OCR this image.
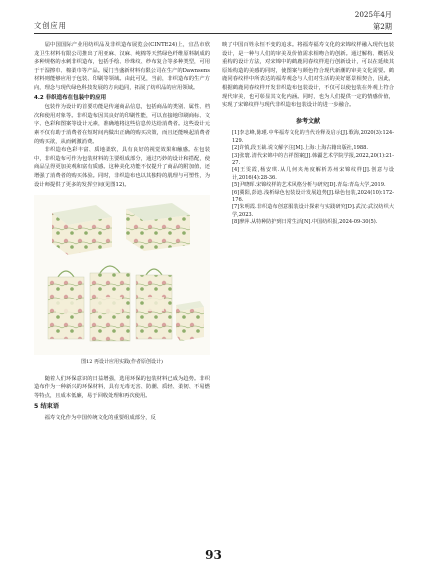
文创应用
2025年4月
第2期

届中国国际产业用纺织品及非织造布展览会(CINTE24)上，宜昌市欣龙卫生材料有限公司推出了用亚麻、汉麻、纯棉等天然绿色纤维原料制成的多种规格的水刺非织造布，包括手绘、珍珠纹、纱布复合等多种类型，可用于干湿擦巾、棉柔巾等产品。厦门当盛新材料有限公司在生产的Dawnsens材料则能够应用于包装、印刷等领域。由此可见，当前，非织造布的生产方向，理念与现代绿色科技发展的方向趋同，拓展了纺织品的应用领域。

4.2 非织造布在包装中的应用

包装作为设计的首要功能是传递商品信息，包括商品的类别、属性、档次和使用对象等。非织造布因其良好的印刷性能，可以直接地印刷商标、文字、色彩和图案等设计元素，准确地将这些信息传达给消费者。这些设计元素不仅有助于消费者在短时间内做出正确的购买决策，而且还能唤起消费者的购买欲，从而刺激消费。

非织造布色彩丰富、质地柔软，具有良好的视觉效果和触感。在包装中，非织造布可作为包装材料的主要组成部分，通过巧妙的设计和搭配，使商品呈得更加美观和富有质感。这种美化功能不仅提升了商品的附加值，还增强了消费者的购买体验。同时，非织造布也以其独特的肌理与可塑性，为设计师提供了更多的发挥空间(见图12)。

图12 再设计应用实践(作者原创设计)

随着人们环保意识的日益增强，选用环保的包装材料已成为趋势。非织造布作为一种新兴的环保材料，具有无毒无害、防潮、质轻、柔韧、不易燃等特点，且成本低廉，易于回收处理和再次使用。

5 结束语

福寿文化作为中国传统文化的重要组成部分，反

映了中国百姓永恒不变的追求。将福寿福寿文化的宋锦纹样融入现代包装设计，是一种与人们的审美及价值需求相吻合的创新。通过解构、概括及重构的设计方法，对宋锦中的鹤鹿同春纹样进行创新设计，可以在延续其原始构造的美感的同时，使图案与颜色符合现代新潮的审美文化需要。鹤鹿同春纹样中所表达的福寿观念与人们对生活的美好愿景相契合，因此，根据鹤鹿同春纹样开发非织造布包装设计，不仅可以使包装在外观上符合现代审美，也可彰显其文化内涵。同时，也为人们提供一定的情感价值，实现了宋锦纹样与现代非织造布包装设计的进一步融合。

参考文献

[1]李志峰,陈瑾.中华福寿文化的当代诠释及启示[J].歌海,2020(3):124-129.

[2]许慎,段玉裁.说文解字注[M].上海:上海古籍出版社,1988.

[3]张寰.清代宋锦中的吉祥图案[J].韩疆艺术学院学报,2022,20(1):21-27.

[4]王雯霞,杨安琪.从几何夹角度解析苏州宋锦纹样[J].创意与设计,2016(4):28-36.

[5]尹晓晖.宋锦纹样的艺术风格分析与研究[D].青岛:青岛大学,2019.

[6]冀阳,彭迪.浅析绿色包装设计发展趋势[J].绿色包装,2024(10):172-176.

[7]朱明霞.非织造布创意服装设计探索与实践研究[D].武汉:武汉纺织大学,2023.

[8]廖萍.从特种防护到日常生活[N].中国纺织报,2024-09-30(5).

93
